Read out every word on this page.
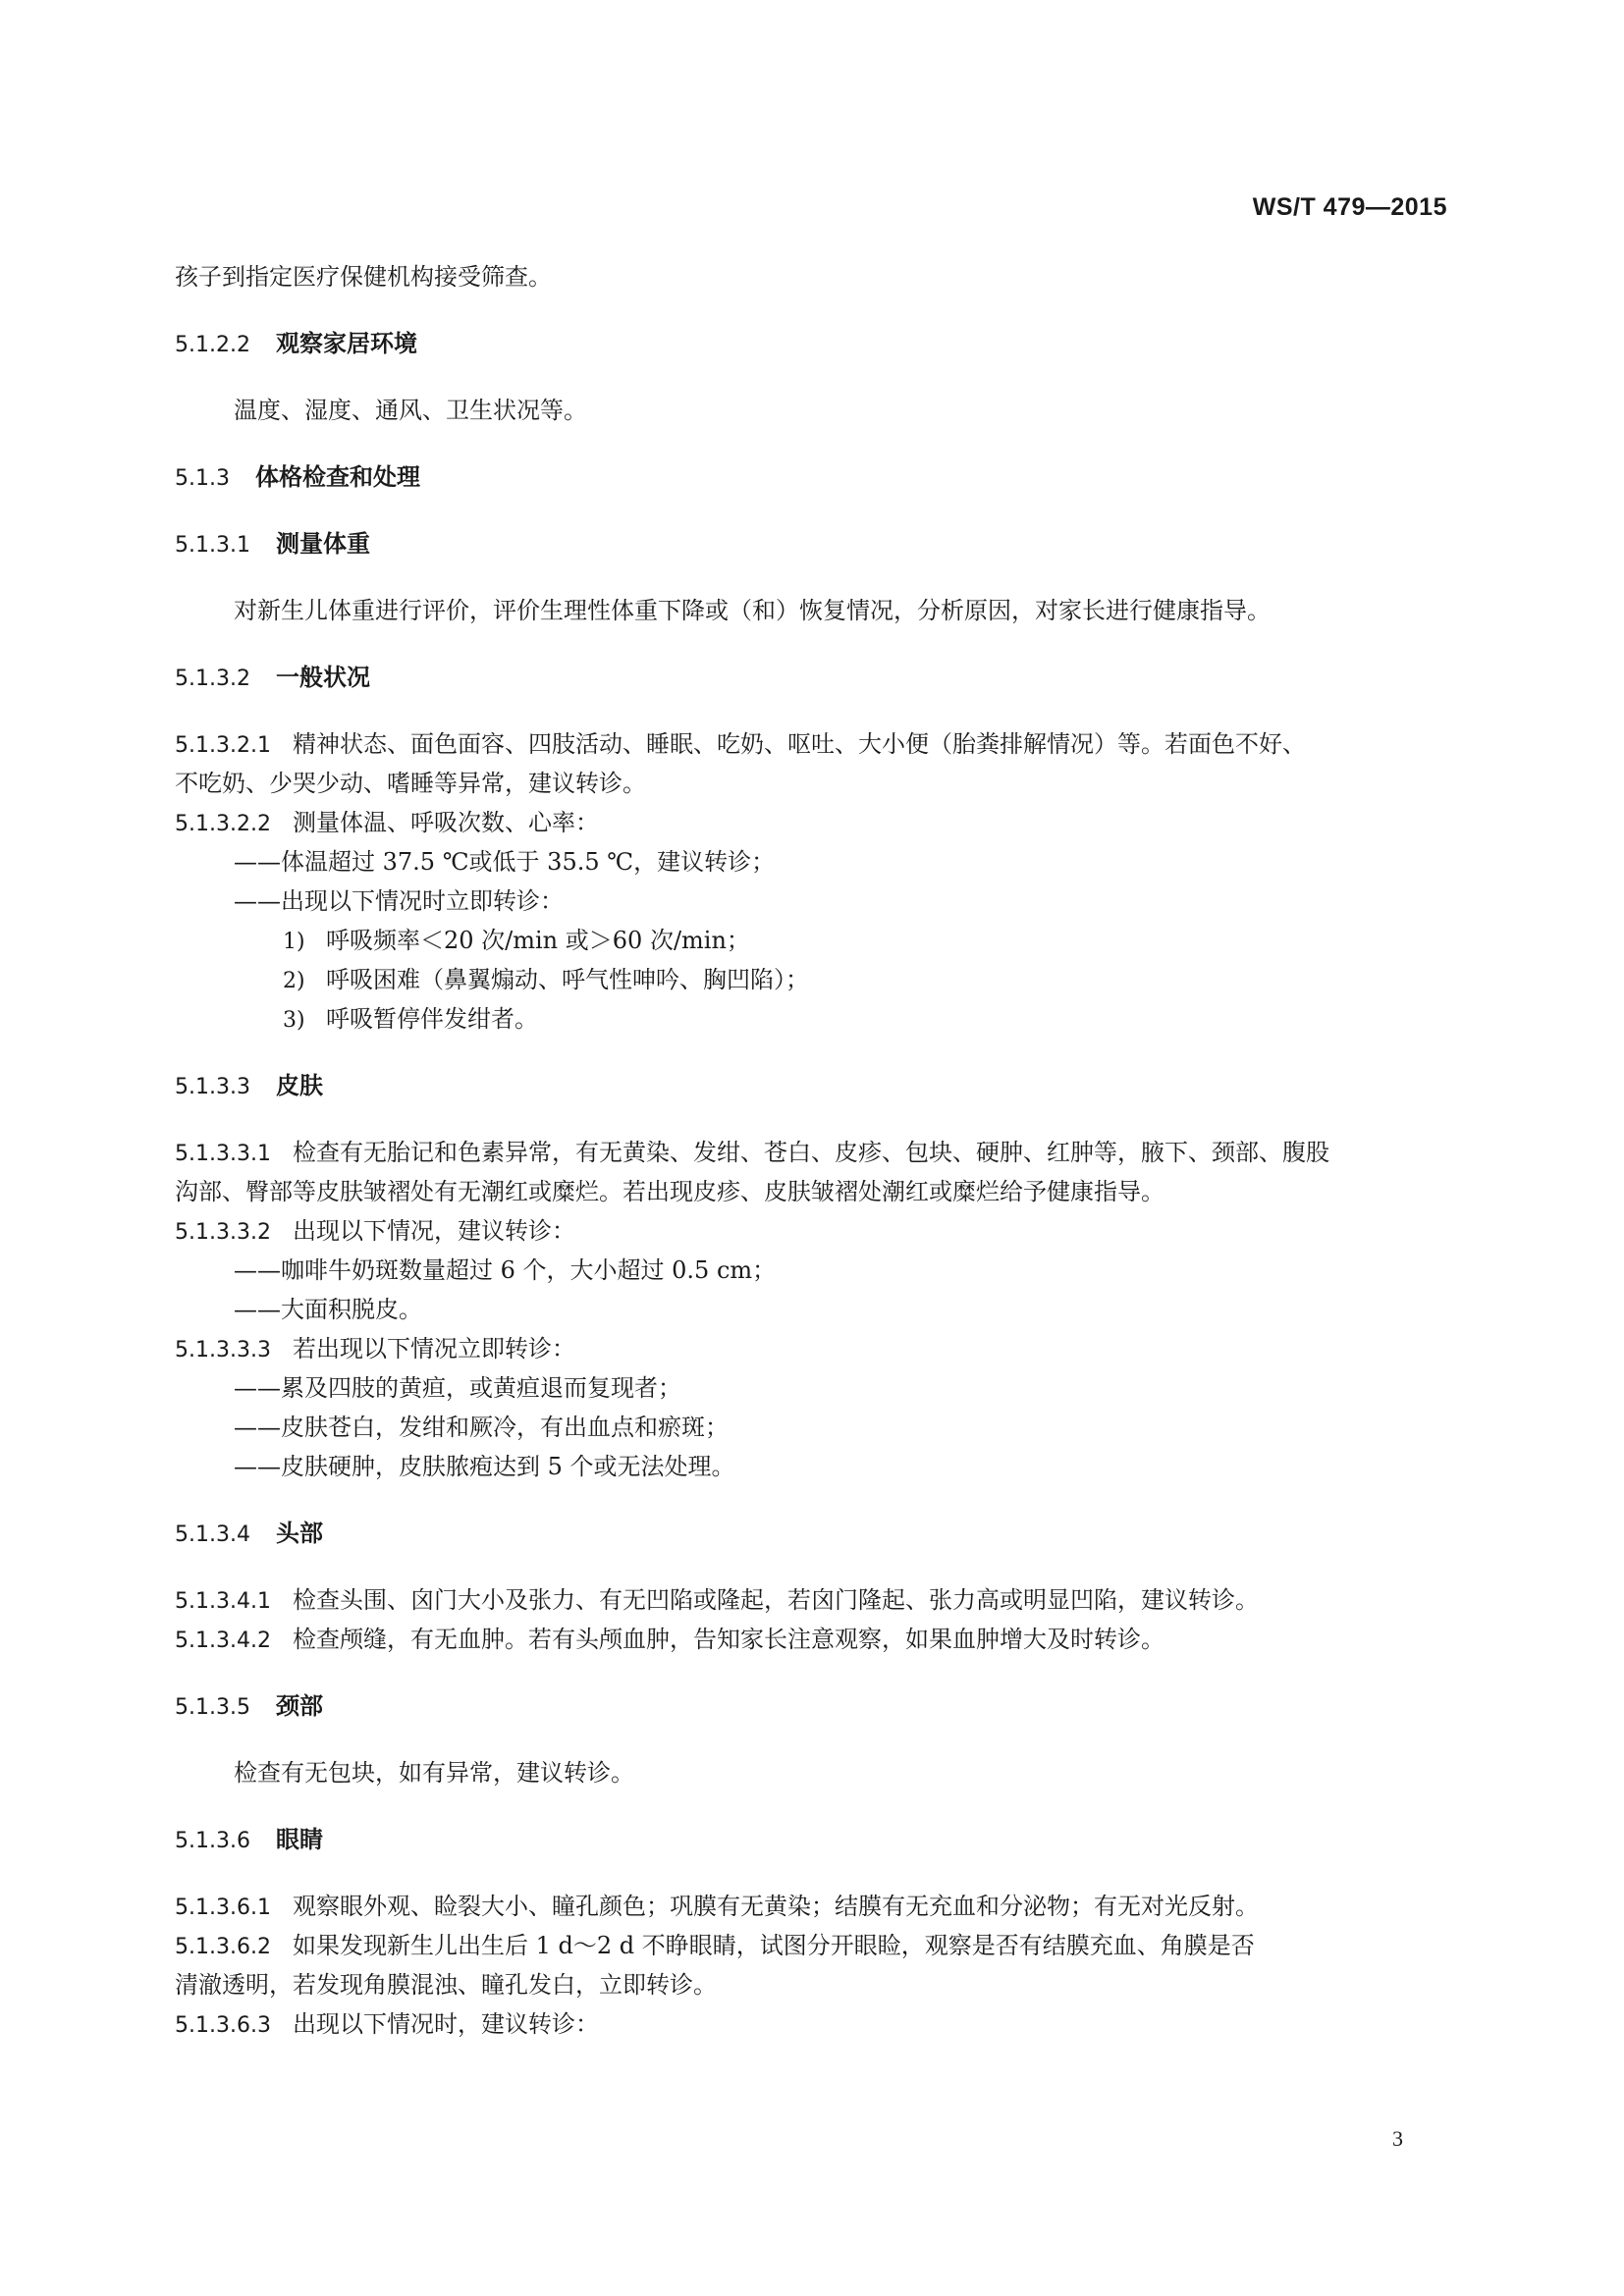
WS/T 479—2015
孩子到指定医疗保健机构接受筛查。
5.1.2.2 观察家居环境
温度、湿度、通风、卫生状况等。
5.1.3 体格检查和处理
5.1.3.1 测量体重
对新生儿体重进行评价，评价生理性体重下降或（和）恢复情况，分析原因，对家长进行健康指导。
5.1.3.2 一般状况
5.1.3.2.1 精神状态、面色面容、四肢活动、睡眠、吃奶、呕吐、大小便（胎粪排解情况）等。若面色不好、
不吃奶、少哭少动、嗜睡等异常，建议转诊。
5.1.3.2.2 测量体温、呼吸次数、心率：
——体温超过 37.5 ℃或低于 35.5 ℃，建议转诊；
——出现以下情况时立即转诊：
1) 呼吸频率＜20 次/min 或＞60 次/min；
2) 呼吸困难（鼻翼煽动、呼气性呻吟、胸凹陷）；
3) 呼吸暂停伴发绀者。
5.1.3.3 皮肤
5.1.3.3.1 检查有无胎记和色素异常，有无黄染、发绀、苍白、皮疹、包块、硬肿、红肿等，腋下、颈部、腹股
沟部、臀部等皮肤皱褶处有无潮红或糜烂。若出现皮疹、皮肤皱褶处潮红或糜烂给予健康指导。
5.1.3.3.2 出现以下情况，建议转诊：
——咖啡牛奶斑数量超过 6 个，大小超过 0.5 cm；
——大面积脱皮。
5.1.3.3.3 若出现以下情况立即转诊：
——累及四肢的黄疸，或黄疸退而复现者；
——皮肤苍白，发绀和厥冷，有出血点和瘀斑；
——皮肤硬肿，皮肤脓疱达到 5 个或无法处理。
5.1.3.4 头部
5.1.3.4.1 检查头围、囟门大小及张力、有无凹陷或隆起，若囟门隆起、张力高或明显凹陷，建议转诊。
5.1.3.4.2 检查颅缝，有无血肿。若有头颅血肿，告知家长注意观察，如果血肿增大及时转诊。
5.1.3.5 颈部
检查有无包块，如有异常，建议转诊。
5.1.3.6 眼睛
5.1.3.6.1 观察眼外观、睑裂大小、瞳孔颜色；巩膜有无黄染；结膜有无充血和分泌物；有无对光反射。
5.1.3.6.2 如果发现新生儿出生后 1 d～2 d 不睁眼睛，试图分开眼睑，观察是否有结膜充血、角膜是否
清澈透明，若发现角膜混浊、瞳孔发白，立即转诊。
5.1.3.6.3 出现以下情况时，建议转诊：
3
